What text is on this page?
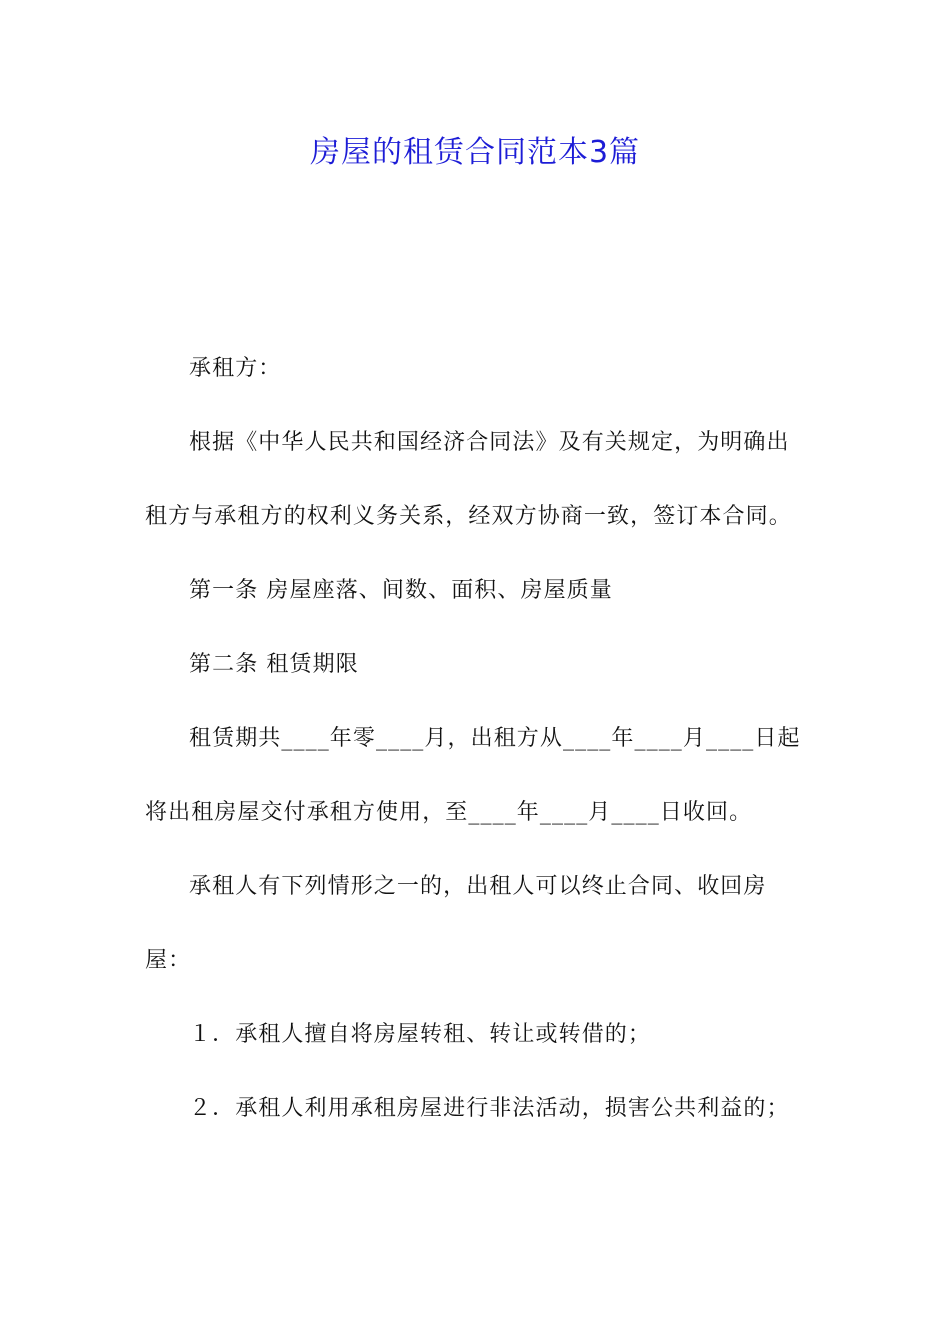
房屋的租赁合同范本3篇

承租方：

根据《中华人民共和国经济合同法》及有关规定，为明确出租方与承租方的权利义务关系，经双方协商一致，签订本合同。

第一条 房屋座落、间数、面积、房屋质量

第二条 租赁期限

租赁期共____年零____月，出租方从____年____月____日起将出租房屋交付承租方使用，至____年____月____日收回。

承租人有下列情形之一的，出租人可以终止合同、收回房屋：

１．承租人擅自将房屋转租、转让或转借的；

２．承租人利用承租房屋进行非法活动，损害公共利益的；
